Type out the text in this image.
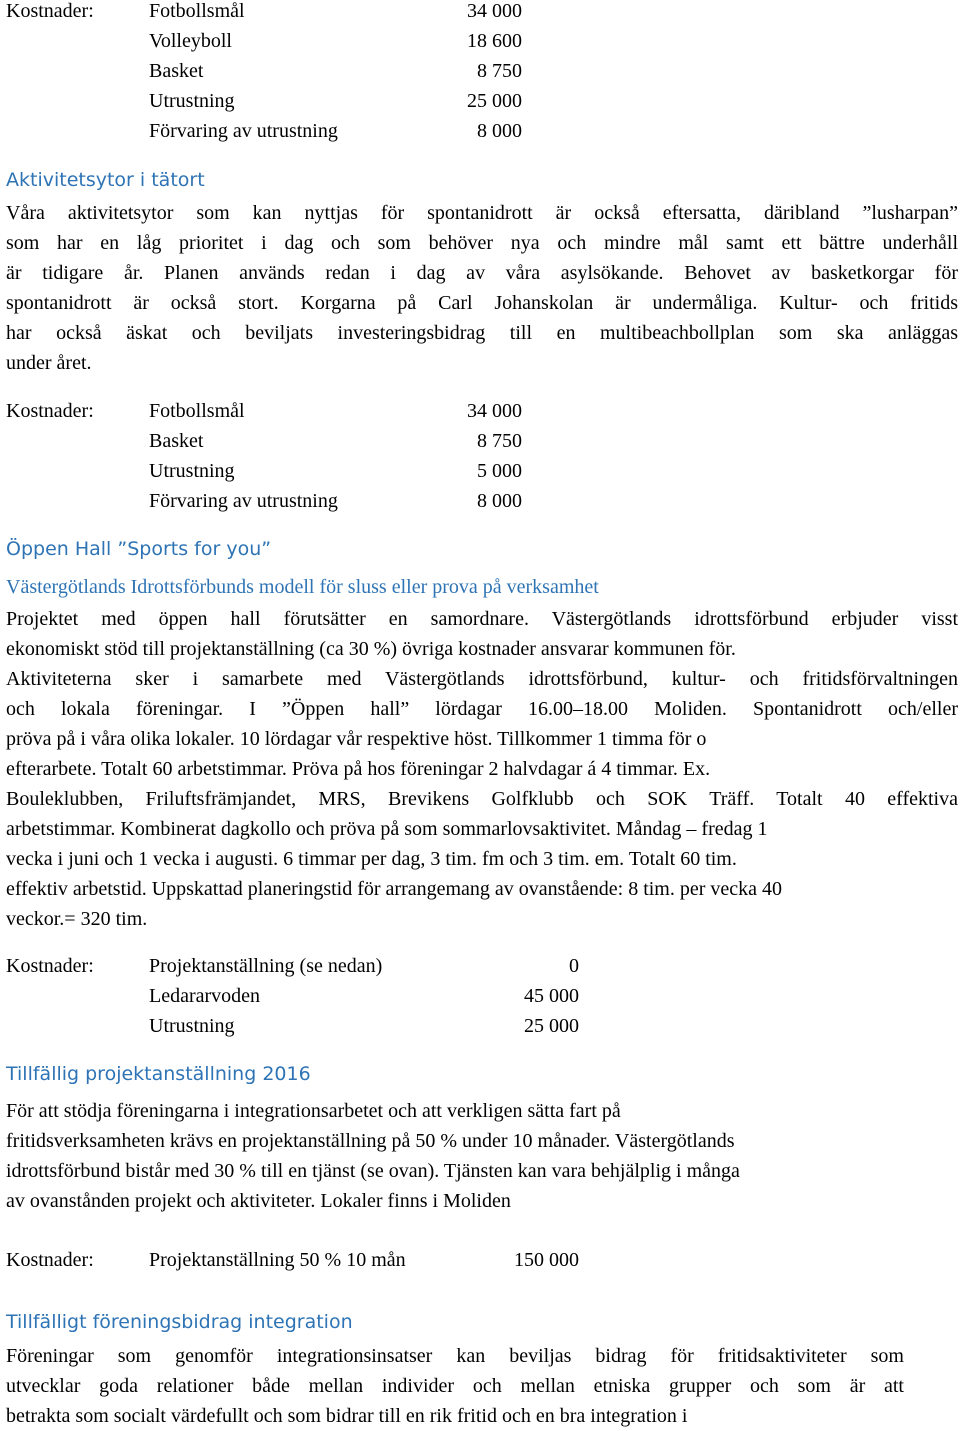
Kostnader:	Fotbollsmål	34 000
Volleyboll	18 600
Basket	8 750
Utrustning	25 000
Förvaring av utrustning	8 000
Aktivitetsytor i tätort
Våra aktivitetsytor som kan nyttjas för spontanidrott är också eftersatta, däribland ”lusharpan”
som har en låg prioritet i dag och som behöver nya och mindre mål samt ett bättre underhåll
är tidigare år. Planen används redan i dag av våra asylsökande. Behovet av basketkorgar för
spontanidrott är också stort. Korgarna på Carl Johanskolan är undermåliga. Kultur- och fritids
har också äskat och beviljats investeringsbidrag till en multibeachbollplan som ska anläggas
under året.
Kostnader:	Fotbollsmål	34 000
Basket	8 750
Utrustning	5 000
Förvaring av utrustning	8 000
Öppen Hall ”Sports for you”
Västergötlands Idrottsförbunds modell för sluss eller prova på verksamhet
Projektet med öppen hall förutsätter en samordnare. Västergötlands idrottsförbund erbjuder visst
ekonomiskt stöd till projektanställning (ca 30 %) övriga kostnader ansvarar kommunen för.
Aktiviteterna sker i samarbete med Västergötlands idrottsförbund, kultur- och fritidsförvaltningen
och lokala föreningar. I ”Öppen hall” lördagar 16.00–18.00 Moliden. Spontanidrott och/eller
pröva på i våra olika lokaler. 10 lördagar vår respektive höst. Tillkommer 1 timma för o
efterarbete. Totalt 60 arbetstimmar. Pröva på hos föreningar 2 halvdagar á 4 timmar. Ex.
Bouleklubben, Friluftsfrämjandet, MRS, Brevikens Golfklubb och SOK Träff. Totalt 40 effektiva
arbetstimmar. Kombinerat dagkollo och pröva på som sommarlovsaktivitet. Måndag – fredag 1
vecka i juni och 1 vecka i augusti. 6 timmar per dag, 3 tim. fm och 3 tim. em. Totalt 60 tim.
effektiv arbetstid. Uppskattad planeringstid för arrangemang av ovanstående: 8 tim. per vecka 40
veckor.= 320 tim.
Kostnader:	Projektanställning (se nedan)	0
Ledararvoden	45 000
Utrustning	25 000
Tillfällig projektanställning 2016
För att stödja föreningarna i integrationsarbetet och att verkligen sätta fart på
fritidsverksamheten krävs en projektanställning på 50 % under 10 månader. Västergötlands
idrottsförbund bistår med 30 % till en tjänst (se ovan). Tjänsten kan vara behjälplig i många
av ovanstånden projekt och aktiviteter. Lokaler finns i Moliden
Kostnader:	Projektanställning 50 % 10 mån	150 000
Tillfälligt föreningsbidrag integration
Föreningar som genomför integrationsinsatser kan beviljas bidrag för fritidsaktiviteter som
utvecklar goda relationer både mellan individer och mellan etniska grupper och som är att
betrakta som socialt värdefullt och som bidrar till en rik fritid och en bra integration i
